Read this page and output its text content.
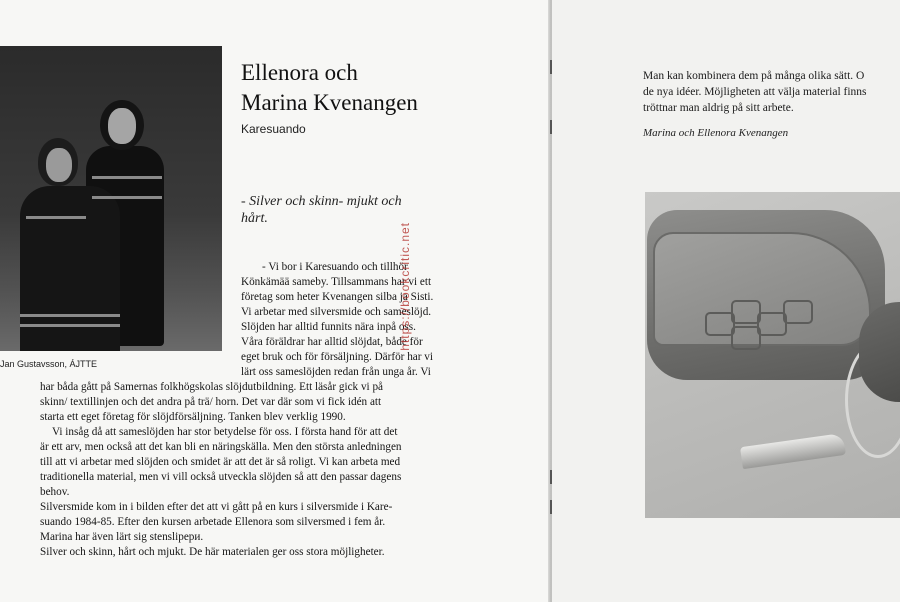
Jan Gustavsson, ÁJTTE
Ellenora och
Marina Kvenangen
Karesuando
- Silver och skinn- mjukt och
hårt.
- Vi bor i Karesuando och tillhör
Könkämää sameby. Tillsammans har vi ett
företag som heter Kvenangen silba ja Sisti.
Vi arbetar med silversmide och sameslöjd.
Slöjden har alltid funnits nära inpå oss.
Våra föräldrar har alltid slöjdat, både för
eget bruk och för försäljning. Därför har vi
lärt oss sameslöjden redan från unga år. Vi
har båda gått på Samernas folkhögskolas slöjdutbildning. Ett läsår gick vi på
skinn/ textillinjen och det andra på trä/ horn. Det var där som vi fick idén att
starta ett eget företag för slöjdförsäljning. Tanken blev verklig 1990.
Vi insåg då att sameslöjden har stor betydelse för oss. I första hand för att det
är ett arv, men också att det kan bli en näringskälla. Men den största anledningen
till att vi arbetar med slöjden och smidet är att det är så roligt. Vi kan arbeta med
traditionella material, men vi vill också utveckla slöjden så att den passar dagens
behov.
Silversmide kom in i bilden efter det att vi gått på en kurs i silversmide i Kare-
suando 1984-85. Efter den kursen arbetade Ellenora som silversmed i fem år.
Marina har även lärt sig stenslipери.
Silver och skinn, hårt och mjukt. De här materialen ger oss stora möjligheter.
https://bookcritic.net
Man kan kombinera dem på många olika sätt. O
de nya idéer. Möjligheten att välja material finns
tröttnar man aldrig på sitt arbete.
Marina och Ellenora Kvenangen
